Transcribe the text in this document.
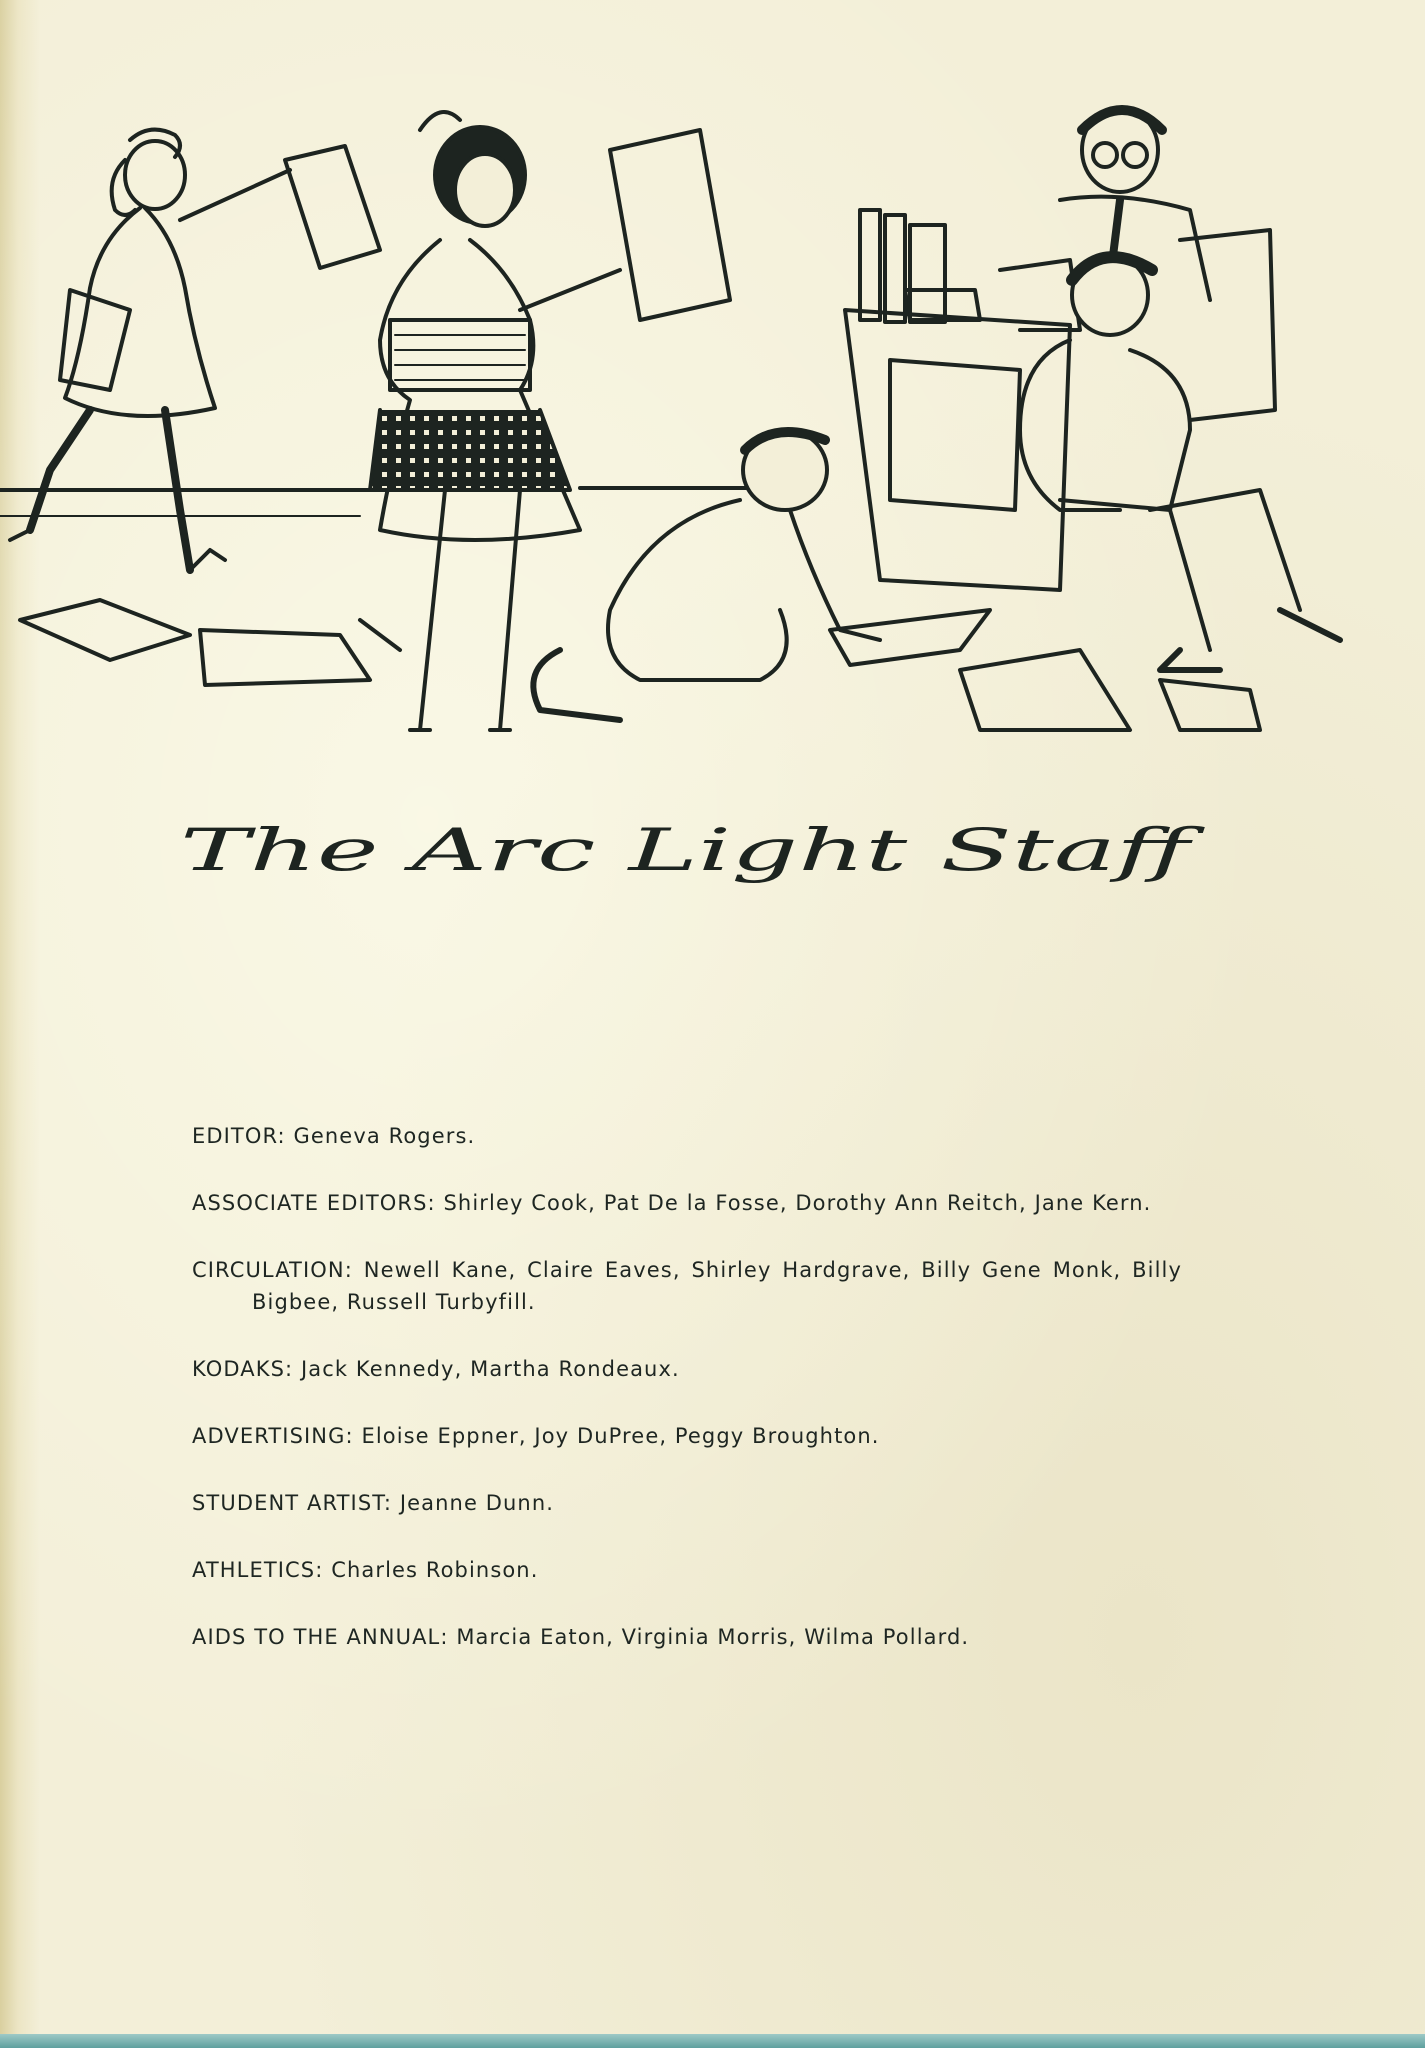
The Arc Light Staff

EDITOR: Geneva Rogers.

ASSOCIATE EDITORS: Shirley Cook, Pat De la Fosse, Dorothy Ann Reitch, Jane Kern.

CIRCULATION: Newell Kane, Claire Eaves, Shirley Hardgrave, Billy Gene Monk, Billy Bigbee, Russell Turbyfill.

KODAKS: Jack Kennedy, Martha Rondeaux.

ADVERTISING: Eloise Eppner, Joy DuPree, Peggy Broughton.

STUDENT ARTIST: Jeanne Dunn.

ATHLETICS: Charles Robinson.

AIDS TO THE ANNUAL: Marcia Eaton, Virginia Morris, Wilma Pollard.
